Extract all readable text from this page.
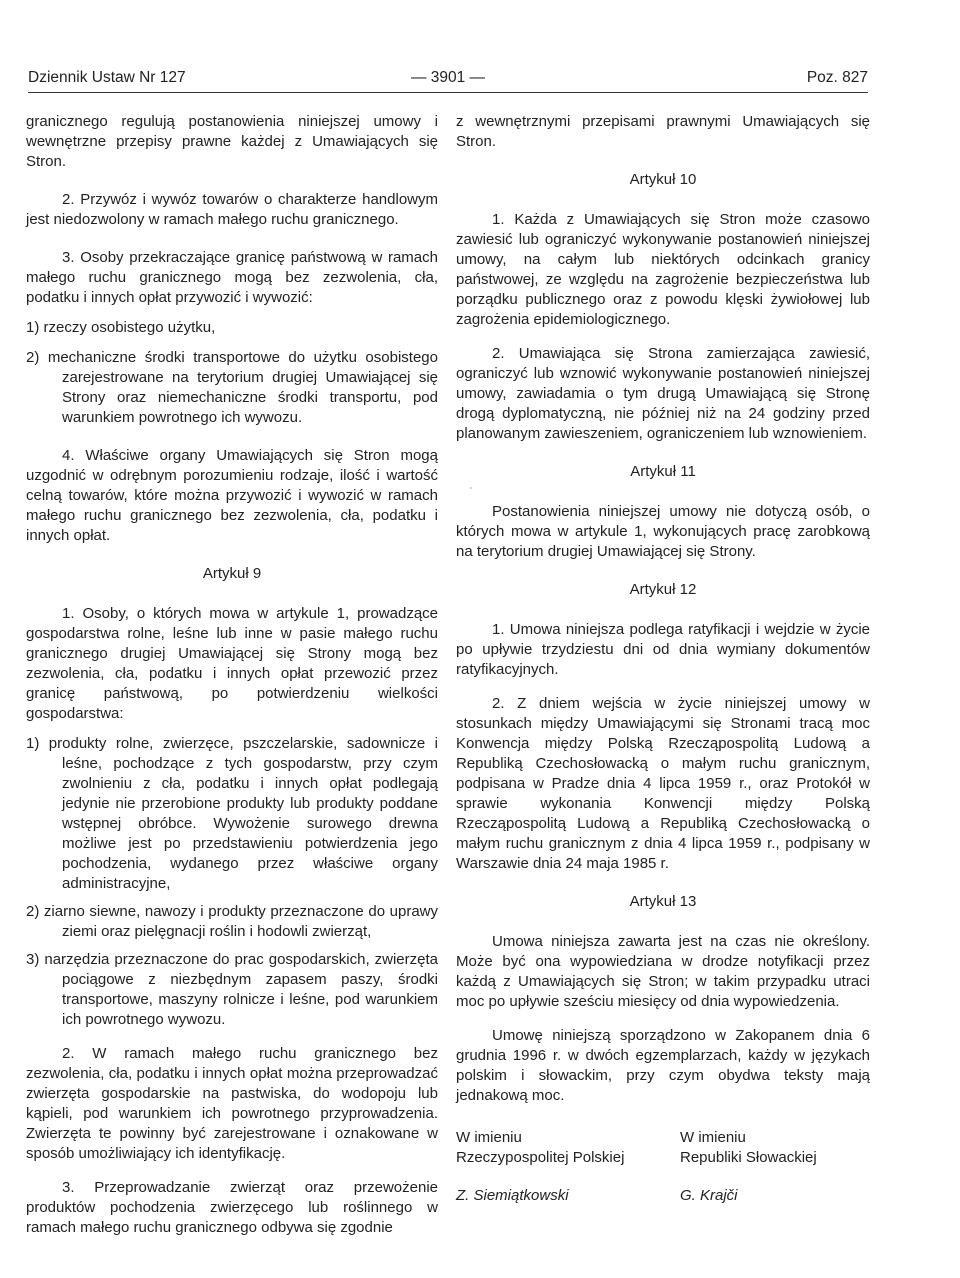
Dziennik Ustaw Nr 127	— 3901 —	Poz. 827

granicznego regulują postanowienia niniejszej umowy i wewnętrzne przepisy prawne każdej z Umawiających się Stron.

2. Przywóz i wywóz towarów o charakterze handlowym jest niedozwolony w ramach małego ruchu granicznego.

3. Osoby przekraczające granicę państwową w ramach małego ruchu granicznego mogą bez zezwolenia, cła, podatku i innych opłat przywozić i wywozić:

1) rzeczy osobistego użytku,

2) mechaniczne środki transportowe do użytku osobistego zarejestrowane na terytorium drugiej Umawiającej się Strony oraz niemechaniczne środki transportu, pod warunkiem powrotnego ich wywozu.

4. Właściwe organy Umawiających się Stron mogą uzgodnić w odrębnym porozumieniu rodzaje, ilość i wartość celną towarów, które można przywozić i wywozić w ramach małego ruchu granicznego bez zezwolenia, cła, podatku i innych opłat.

Artykuł 9

1. Osoby, o których mowa w artykule 1, prowadzące gospodarstwa rolne, leśne lub inne w pasie małego ruchu granicznego drugiej Umawiającej się Strony mogą bez zezwolenia, cła, podatku i innych opłat przewozić przez granicę państwową, po potwierdzeniu wielkości gospodarstwa:

1) produkty rolne, zwierzęce, pszczelarskie, sadownicze i leśne, pochodzące z tych gospodarstw, przy czym zwolnieniu z cła, podatku i innych opłat podlegają jedynie nie przerobione produkty lub produkty poddane wstępnej obróbce. Wywożenie surowego drewna możliwe jest po przedstawieniu potwierdzenia jego pochodzenia, wydanego przez właściwe organy administracyjne,

2) ziarno siewne, nawozy i produkty przeznaczone do uprawy ziemi oraz pielęgnacji roślin i hodowli zwierząt,

3) narzędzia przeznaczone do prac gospodarskich, zwierzęta pociągowe z niezbędnym zapasem paszy, środki transportowe, maszyny rolnicze i leśne, pod warunkiem ich powrotnego wywozu.

2. W ramach małego ruchu granicznego bez zezwolenia, cła, podatku i innych opłat można przeprowadzać zwierzęta gospodarskie na pastwiska, do wodopoju lub kąpieli, pod warunkiem ich powrotnego przyprowadzenia. Zwierzęta te powinny być zarejestrowane i oznakowane w sposób umożliwiający ich identyfikację.

3. Przeprowadzanie zwierząt oraz przewożenie produktów pochodzenia zwierzęcego lub roślinnego w ramach małego ruchu granicznego odbywa się zgodnie

z wewnętrznymi przepisami prawnymi Umawiających się Stron.

Artykuł 10

1. Każda z Umawiających się Stron może czasowo zawiesić lub ograniczyć wykonywanie postanowień niniejszej umowy, na całym lub niektórych odcinkach granicy państwowej, ze względu na zagrożenie bezpieczeństwa lub porządku publicznego oraz z powodu klęski żywiołowej lub zagrożenia epidemiologicznego.

2. Umawiająca się Strona zamierzająca zawiesić, ograniczyć lub wznowić wykonywanie postanowień niniejszej umowy, zawiadamia o tym drugą Umawiającą się Stronę drogą dyplomatyczną, nie później niż na 24 godziny przed planowanym zawieszeniem, ograniczeniem lub wznowieniem.

Artykuł 11

Postanowienia niniejszej umowy nie dotyczą osób, o których mowa w artykule 1, wykonujących pracę zarobkową na terytorium drugiej Umawiającej się Strony.

Artykuł 12

1. Umowa niniejsza podlega ratyfikacji i wejdzie w życie po upływie trzydziestu dni od dnia wymiany dokumentów ratyfikacyjnych.

2. Z dniem wejścia w życie niniejszej umowy w stosunkach między Umawiającymi się Stronami tracą moc Konwencja między Polską Rzecząpospolitą Ludową a Republiką Czechosłowacką o małym ruchu granicznym, podpisana w Pradze dnia 4 lipca 1959 r., oraz Protokół w sprawie wykonania Konwencji między Polską Rzecząpospolitą Ludową a Republiką Czechosłowacką o małym ruchu granicznym z dnia 4 lipca 1959 r., podpisany w Warszawie dnia 24 maja 1985 r.

Artykuł 13

Umowa niniejsza zawarta jest na czas nie określony. Może być ona wypowiedziana w drodze notyfikacji przez każdą z Umawiających się Stron; w takim przypadku utraci moc po upływie sześciu miesięcy od dnia wypowiedzenia.

Umowę niniejszą sporządzono w Zakopanem dnia 6 grudnia 1996 r. w dwóch egzemplarzach, każdy w językach polskim i słowackim, przy czym obydwa teksty mają jednakową moc.

W imieniu
Rzeczypospolitej Polskiej
Z. Siemiątkowski
W imieniu
Republiki Słowackiej
G. Krajči
